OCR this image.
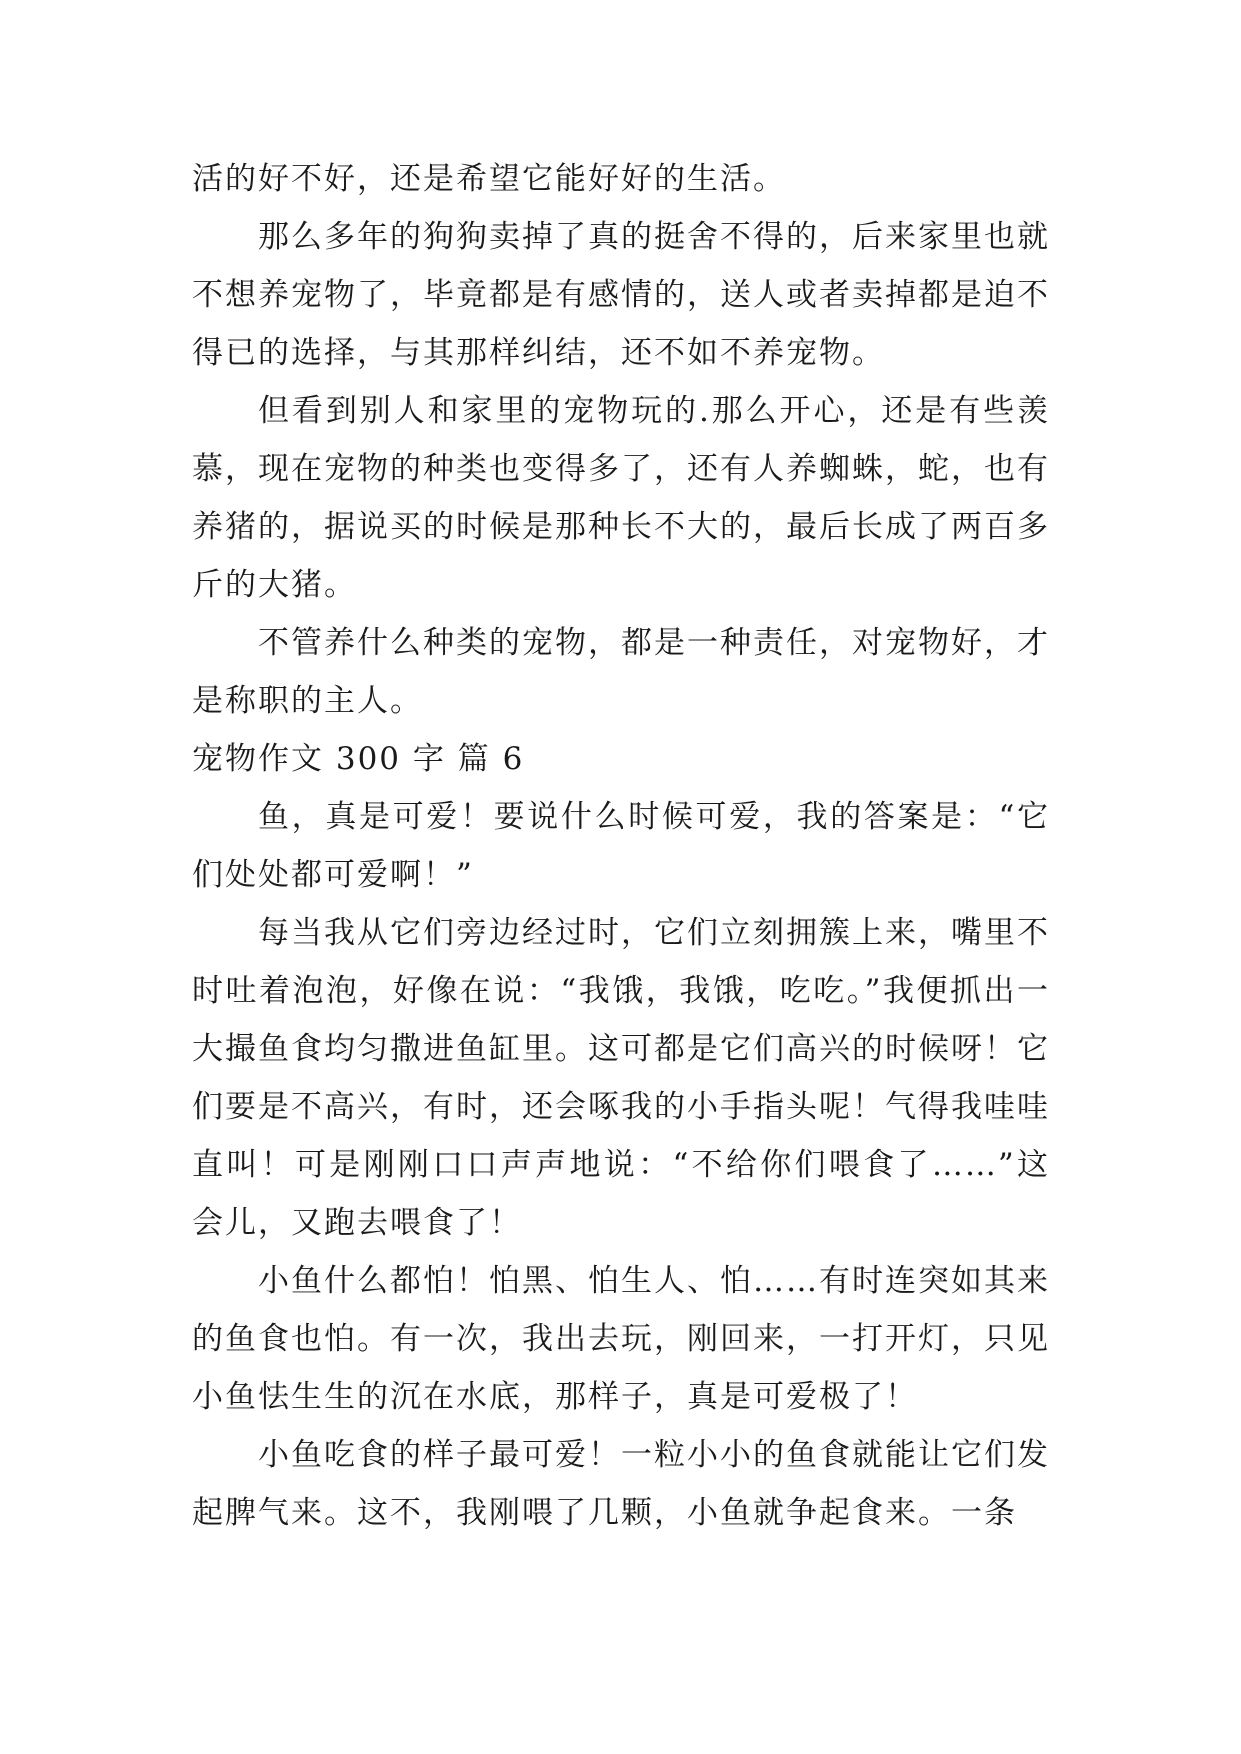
活的好不好，还是希望它能好好的生活。

那么多年的狗狗卖掉了真的挺舍不得的，后来家里也就不想养宠物了，毕竟都是有感情的，送人或者卖掉都是迫不得已的选择，与其那样纠结，还不如不养宠物。

但看到别人和家里的宠物玩的.那么开心，还是有些羡慕，现在宠物的种类也变得多了，还有人养蜘蛛，蛇，也有养猪的，据说买的时候是那种长不大的，最后长成了两百多斤的大猪。

不管养什么种类的宠物，都是一种责任，对宠物好，才是称职的主人。

宠物作文 300 字 篇 6

鱼，真是可爱！要说什么时候可爱，我的答案是：“它们处处都可爱啊！”

每当我从它们旁边经过时，它们立刻拥簇上来，嘴里不时吐着泡泡，好像在说：“我饿，我饿，吃吃。”我便抓出一大撮鱼食均匀撒进鱼缸里。这可都是它们高兴的时候呀！它们要是不高兴，有时，还会啄我的小手指头呢！气得我哇哇直叫！可是刚刚口口声声地说：“不给你们喂食了……”这会儿，又跑去喂食了！

小鱼什么都怕！怕黑、怕生人、怕……有时连突如其来的鱼食也怕。有一次，我出去玩，刚回来，一打开灯，只见小鱼怯生生的沉在水底，那样子，真是可爱极了！

小鱼吃食的样子最可爱！一粒小小的鱼食就能让它们发起脾气来。这不，我刚喂了几颗，小鱼就争起食来。一条
